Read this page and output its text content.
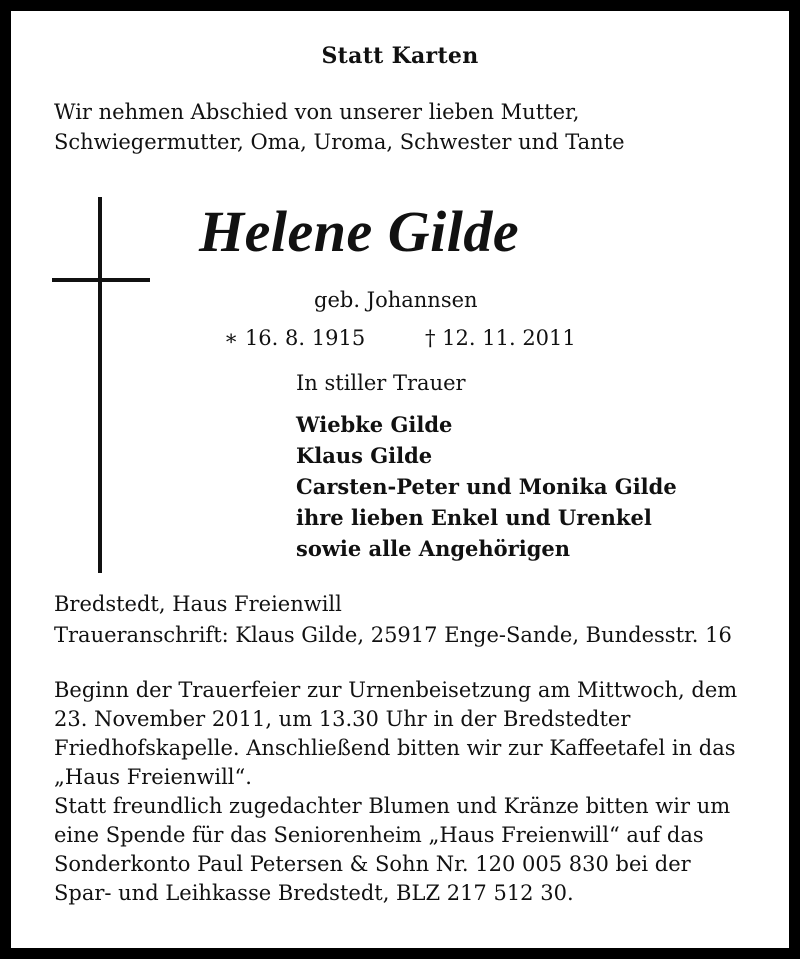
Statt Karten
Wir nehmen Abschied von unserer lieben Mutter, Schwiegermutter, Oma, Uroma, Schwester und Tante
Helene Gilde
geb. Johannsen
∗ 16. 8. 1915	† 12. 11. 2011
In stiller Trauer
Wiebke Gilde
Klaus Gilde
Carsten-Peter und Monika Gilde
ihre lieben Enkel und Urenkel
sowie alle Angehörigen
Bredstedt, Haus Freienwill
Traueranschrift: Klaus Gilde, 25917 Enge-Sande, Bundesstr. 16

Beginn der Trauerfeier zur Urnenbeisetzung am Mittwoch, dem 23. November 2011, um 13.30 Uhr in der Bredstedter Friedhofskapelle. Anschließend bitten wir zur Kaffeetafel in das „Haus Freienwill“.

Statt freundlich zugedachter Blumen und Kränze bitten wir um eine Spende für das Seniorenheim „Haus Freienwill“ auf das Sonderkonto Paul Petersen & Sohn Nr. 120 005 830 bei der Spar- und Leihkasse Bredstedt, BLZ 217 512 30.
